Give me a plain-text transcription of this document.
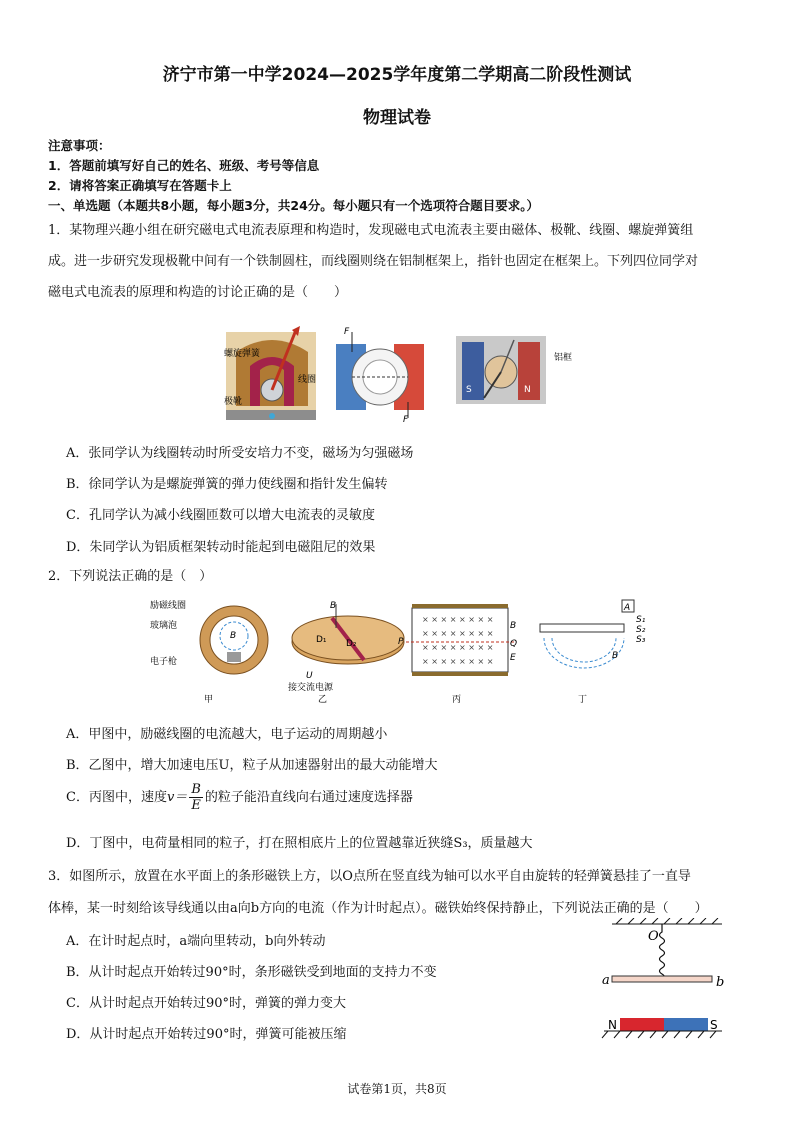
济宁市第一中学2024—2025学年度第二学期高二阶段性测试
物理试卷
注意事项：
1．答题前填写好自己的姓名、班级、考号等信息
2．请将答案正确填写在答题卡上
一、单选题（本题共8小题，每小题3分，共24分。每小题只有一个选项符合题目要求。）
1．某物理兴趣小组在研究磁电式电流表原理和构造时，发现磁电式电流表主要由磁体、极靴、线圈、螺旋弹簧组
成。进一步研究发现极靴中间有一个铁制圆柱，而线圈则绕在铝制框架上，指针也固定在框架上。下列四位同学对
磁电式电流表的原理和构造的讨论正确的是（　　）
螺旋弹簧
极靴
线圈
F
F
S	N
铝框
A．张同学认为线圈转动时所受安培力不变，磁场为匀强磁场
B．徐同学认为是螺旋弹簧的弹力使线圈和指针发生偏转
C．孔同学认为减小线圈匝数可以增大电流表的灵敏度
D．朱同学认为铝质框架转动时能起到电磁阻尼的效果
2．下列说法正确的是（　）
励磁线圈
玻璃泡
电子枪
B
甲
B
D₁ D₂
U
接交流电源
乙
× × × × × × × ×
× × × × × × × ×
× × × × × × × ×
× × × × × × × ×
P	Q
B
E
丙
A
S₁
S₂
S₃
B
丁
A．甲图中，励磁线圈的电流越大，电子运动的周期越小
B．乙图中，增大加速电压U，粒子从加速器射出的最大动能增大
C．丙图中，速度$v= \frac{B}{E}$ 的粒子能沿直线向右通过速度选择器
D．丁图中，电荷量相同的粒子，打在照相底片上的位置越靠近狭缝S₃，质量越大
3．如图所示，放置在水平面上的条形磁铁上方，以O点所在竖直线为轴可以水平自由旋转的轻弹簧悬挂了一直导
体棒，某一时刻给该导线通以由a向b方向的电流（作为计时起点）。磁铁始终保持静止，下列说法正确的是（　　）
A．在计时起点时，a端向里转动，b向外转动
B．从计时起点开始转过90°时，条形磁铁受到地面的支持力不变
C．从计时起点开始转过90°时，弹簧的弹力变大
D．从计时起点开始转过90°时，弹簧可能被压缩
O
a	b
N	S
试卷第1页，共8页
